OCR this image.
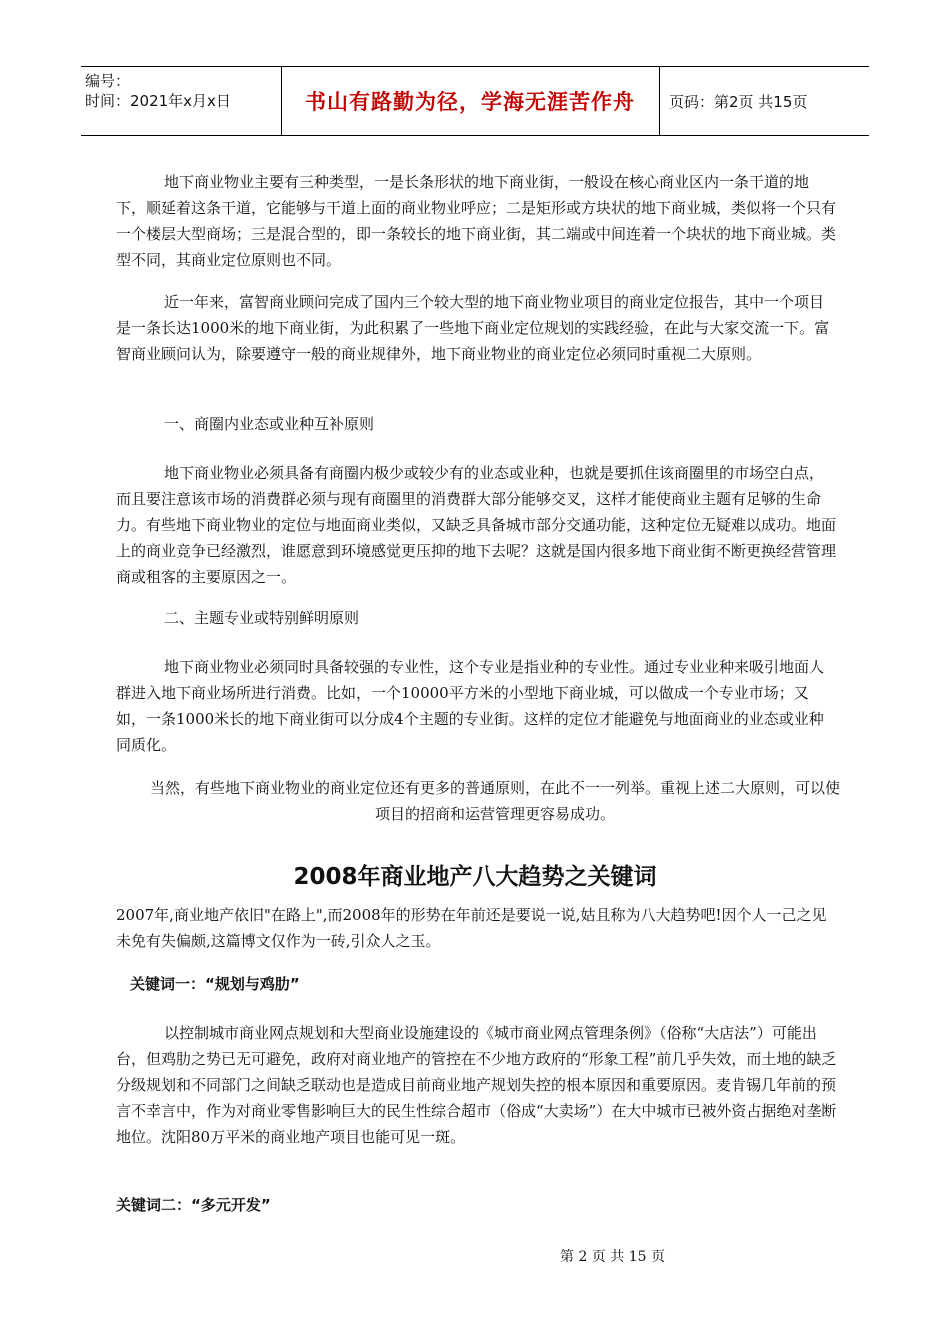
编号：
时间：2021年x月x日	书山有路勤为径，学海无涯苦作舟	页码：第2页 共15页

地下商业物业主要有三种类型，一是长条形状的地下商业街，一般设在核心商业区内一条干道的地下，顺延着这条干道，它能够与干道上面的商业物业呼应；二是矩形或方块状的地下商业城，类似将一个只有一个楼层大型商场；三是混合型的，即一条较长的地下商业街，其二端或中间连着一个块状的地下商业城。类型不同，其商业定位原则也不同。

近一年来，富智商业顾问完成了国内三个较大型的地下商业物业项目的商业定位报告，其中一个项目是一条长达1000米的地下商业街，为此积累了一些地下商业定位规划的实践经验，在此与大家交流一下。富智商业顾问认为，除要遵守一般的商业规律外，地下商业物业的商业定位必须同时重视二大原则。

一、商圈内业态或业种互补原则

地下商业物业必须具备有商圈内极少或较少有的业态或业种，也就是要抓住该商圈里的市场空白点，而且要注意该市场的消费群必须与现有商圈里的消费群大部分能够交叉，这样才能使商业主题有足够的生命力。有些地下商业物业的定位与地面商业类似，又缺乏具备城市部分交通功能，这种定位无疑难以成功。地面上的商业竞争已经激烈，谁愿意到环境感觉更压抑的地下去呢？这就是国内很多地下商业街不断更换经营管理商或租客的主要原因之一。

二、主题专业或特别鲜明原则

地下商业物业必须同时具备较强的专业性，这个专业是指业种的专业性。通过专业业种来吸引地面人群进入地下商业场所进行消费。比如，一个10000平方米的小型地下商业城，可以做成一个专业市场；又如，一条1000米长的地下商业街可以分成4个主题的专业街。这样的定位才能避免与地面商业的业态或业种同质化。

当然，有些地下商业物业的商业定位还有更多的普通原则，在此不一一列举。重视上述二大原则，可以使项目的招商和运营管理更容易成功。

2008年商业地产八大趋势之关键词

2007年,商业地产依旧"在路上",而2008年的形势在年前还是要说一说,姑且称为八大趋势吧!因个人一己之见未免有失偏颇,这篇博文仅作为一砖,引众人之玉。

关键词一：“规划与鸡肋”

以控制城市商业网点规划和大型商业设施建设的《城市商业网点管理条例》（俗称“大店法”）可能出台，但鸡肋之势已无可避免，政府对商业地产的管控在不少地方政府的“形象工程”前几乎失效，而土地的缺乏分级规划和不同部门之间缺乏联动也是造成目前商业地产规划失控的根本原因和重要原因。麦肯锡几年前的预言不幸言中，作为对商业零售影响巨大的民生性综合超市（俗成“大卖场”）在大中城市已被外资占据绝对垄断地位。沈阳80万平米的商业地产项目也能可见一斑。

关键词二：“多元开发”

第 2 页 共 15 页
